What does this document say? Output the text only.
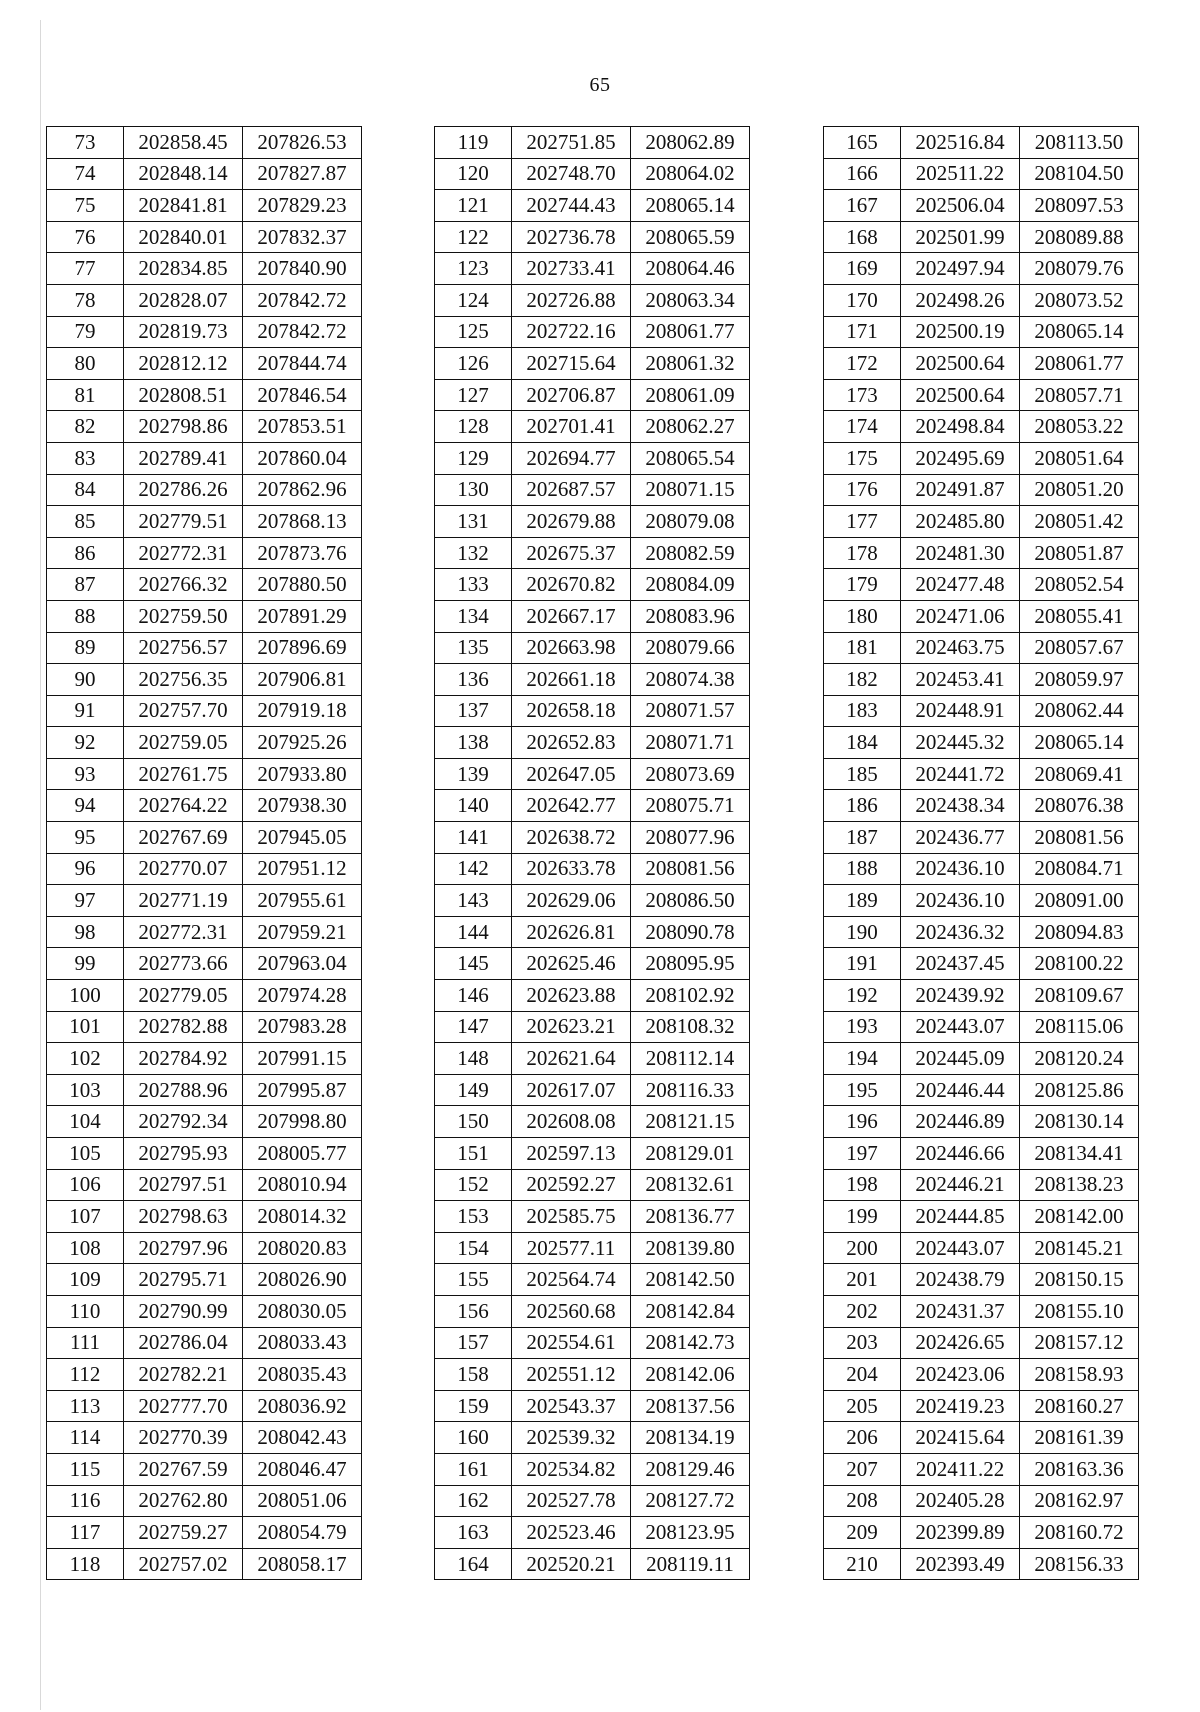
65
73	202858.45	207826.53
74	202848.14	207827.87
75	202841.81	207829.23
76	202840.01	207832.37
77	202834.85	207840.90
78	202828.07	207842.72
79	202819.73	207842.72
80	202812.12	207844.74
81	202808.51	207846.54
82	202798.86	207853.51
83	202789.41	207860.04
84	202786.26	207862.96
85	202779.51	207868.13
86	202772.31	207873.76
87	202766.32	207880.50
88	202759.50	207891.29
89	202756.57	207896.69
90	202756.35	207906.81
91	202757.70	207919.18
92	202759.05	207925.26
93	202761.75	207933.80
94	202764.22	207938.30
95	202767.69	207945.05
96	202770.07	207951.12
97	202771.19	207955.61
98	202772.31	207959.21
99	202773.66	207963.04
100	202779.05	207974.28
101	202782.88	207983.28
102	202784.92	207991.15
103	202788.96	207995.87
104	202792.34	207998.80
105	202795.93	208005.77
106	202797.51	208010.94
107	202798.63	208014.32
108	202797.96	208020.83
109	202795.71	208026.90
110	202790.99	208030.05
111	202786.04	208033.43
112	202782.21	208035.43
113	202777.70	208036.92
114	202770.39	208042.43
115	202767.59	208046.47
116	202762.80	208051.06
117	202759.27	208054.79
118	202757.02	208058.17
119	202751.85	208062.89
120	202748.70	208064.02
121	202744.43	208065.14
122	202736.78	208065.59
123	202733.41	208064.46
124	202726.88	208063.34
125	202722.16	208061.77
126	202715.64	208061.32
127	202706.87	208061.09
128	202701.41	208062.27
129	202694.77	208065.54
130	202687.57	208071.15
131	202679.88	208079.08
132	202675.37	208082.59
133	202670.82	208084.09
134	202667.17	208083.96
135	202663.98	208079.66
136	202661.18	208074.38
137	202658.18	208071.57
138	202652.83	208071.71
139	202647.05	208073.69
140	202642.77	208075.71
141	202638.72	208077.96
142	202633.78	208081.56
143	202629.06	208086.50
144	202626.81	208090.78
145	202625.46	208095.95
146	202623.88	208102.92
147	202623.21	208108.32
148	202621.64	208112.14
149	202617.07	208116.33
150	202608.08	208121.15
151	202597.13	208129.01
152	202592.27	208132.61
153	202585.75	208136.77
154	202577.11	208139.80
155	202564.74	208142.50
156	202560.68	208142.84
157	202554.61	208142.73
158	202551.12	208142.06
159	202543.37	208137.56
160	202539.32	208134.19
161	202534.82	208129.46
162	202527.78	208127.72
163	202523.46	208123.95
164	202520.21	208119.11
165	202516.84	208113.50
166	202511.22	208104.50
167	202506.04	208097.53
168	202501.99	208089.88
169	202497.94	208079.76
170	202498.26	208073.52
171	202500.19	208065.14
172	202500.64	208061.77
173	202500.64	208057.71
174	202498.84	208053.22
175	202495.69	208051.64
176	202491.87	208051.20
177	202485.80	208051.42
178	202481.30	208051.87
179	202477.48	208052.54
180	202471.06	208055.41
181	202463.75	208057.67
182	202453.41	208059.97
183	202448.91	208062.44
184	202445.32	208065.14
185	202441.72	208069.41
186	202438.34	208076.38
187	202436.77	208081.56
188	202436.10	208084.71
189	202436.10	208091.00
190	202436.32	208094.83
191	202437.45	208100.22
192	202439.92	208109.67
193	202443.07	208115.06
194	202445.09	208120.24
195	202446.44	208125.86
196	202446.89	208130.14
197	202446.66	208134.41
198	202446.21	208138.23
199	202444.85	208142.00
200	202443.07	208145.21
201	202438.79	208150.15
202	202431.37	208155.10
203	202426.65	208157.12
204	202423.06	208158.93
205	202419.23	208160.27
206	202415.64	208161.39
207	202411.22	208163.36
208	202405.28	208162.97
209	202399.89	208160.72
210	202393.49	208156.33
